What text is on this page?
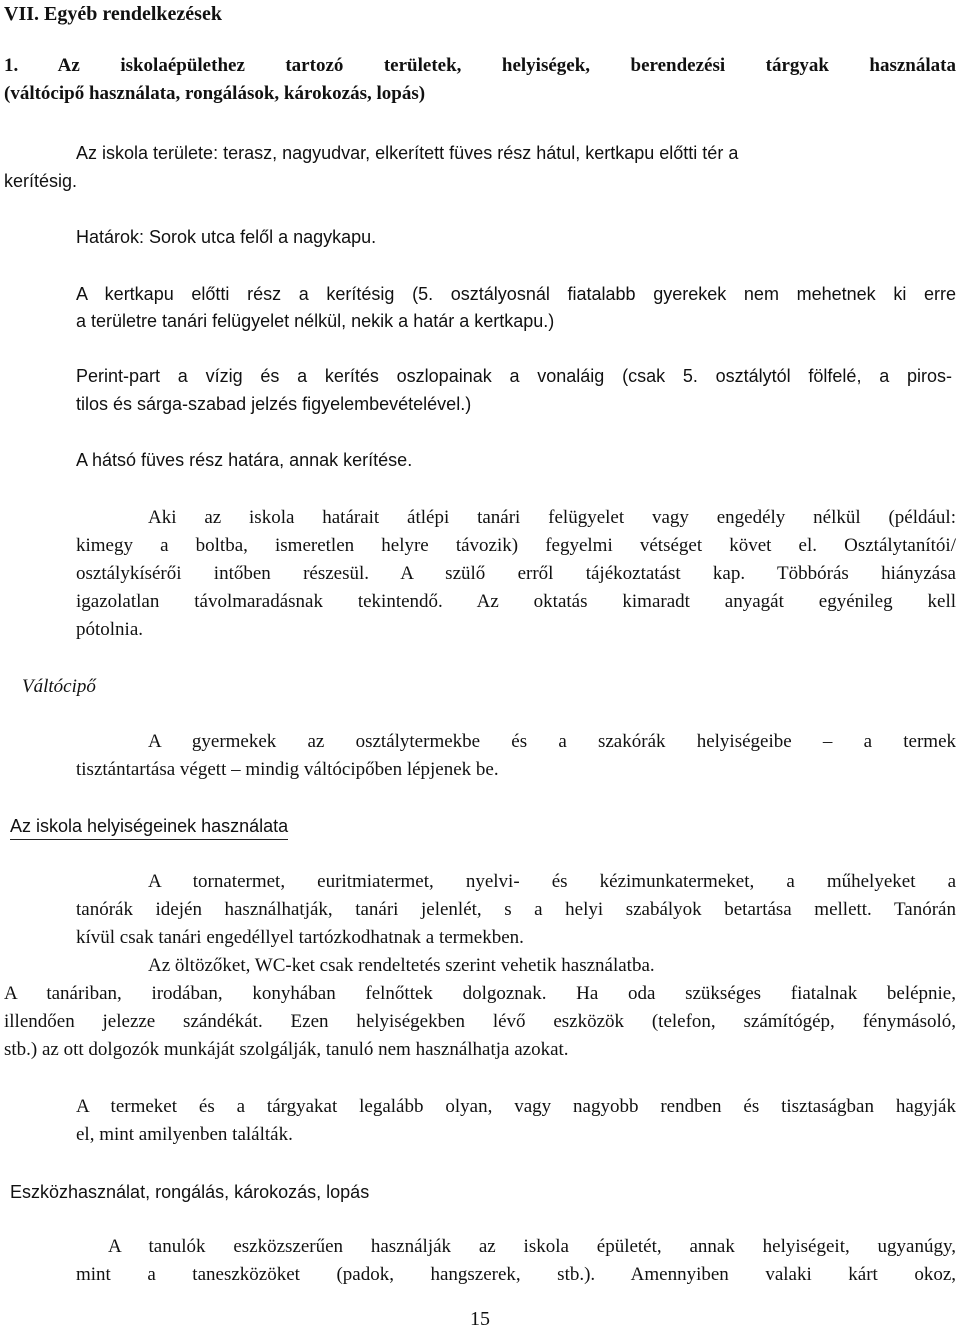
VII. Egyéb rendelkezések
1. Az iskolaépülethez tartozó területek, helyiségek, berendezési tárgyak használata
(váltócipő használata, rongálások, károkozás, lopás)
Az iskola területe: terasz, nagyudvar, elkerített füves rész hátul, kertkapu előtti tér a
kerítésig.
Határok: Sorok utca felől a nagykapu.
A kertkapu előtti rész a kerítésig (5. osztályosnál fiatalabb gyerekek nem mehetnek ki erre
a területre tanári felügyelet nélkül, nekik a határ a kertkapu.)
Perint-part a vízig és a kerítés oszlopainak a vonaláig (csak 5. osztálytól fölfelé, a piros-
tilos és sárga-szabad jelzés figyelembevételével.)
A hátsó füves rész határa, annak kerítése.
Aki az iskola határait átlépi tanári felügyelet vagy engedély nélkül (például:
kimegy a boltba, ismeretlen helyre távozik) fegyelmi vétséget követ el. Osztálytanítói/
osztálykísérői intőben részesül. A szülő erről tájékoztatást kap. Többórás hiányzása
igazolatlan távolmaradásnak tekintendő. Az oktatás kimaradt anyagát egyénileg kell
pótolnia.
Váltócipő
A gyermekek az osztálytermekbe és a szakórák helyiségeibe – a termek
tisztántartása végett – mindig váltócipőben lépjenek be.
Az iskola helyiségeinek használata
A tornatermet, euritmiatermet, nyelvi- és kézimunkatermeket, a műhelyeket a
tanórák idején használhatják, tanári jelenlét, s a helyi szabályok betartása mellett. Tanórán
kívül csak tanári engedéllyel tartózkodhatnak a termekben.
Az öltözőket, WC-ket csak rendeltetés szerint vehetik használatba.
A tanáriban, irodában, konyhában felnőttek dolgoznak. Ha oda szükséges fiatalnak belépnie,
illendően jelezze szándékát. Ezen helyiségekben lévő eszközök (telefon, számítógép, fénymásoló,
stb.) az ott dolgozók munkáját szolgálják, tanuló nem használhatja azokat.
A termeket és a tárgyakat legalább olyan, vagy nagyobb rendben és tisztaságban hagyják
el, mint amilyenben találták.
Eszközhasználat, rongálás, károkozás, lopás
A tanulók eszközszerűen használják az iskola épületét, annak helyiségeit, ugyanúgy,
mint a taneszközöket (padok, hangszerek, stb.). Amennyiben valaki kárt okoz,
15
